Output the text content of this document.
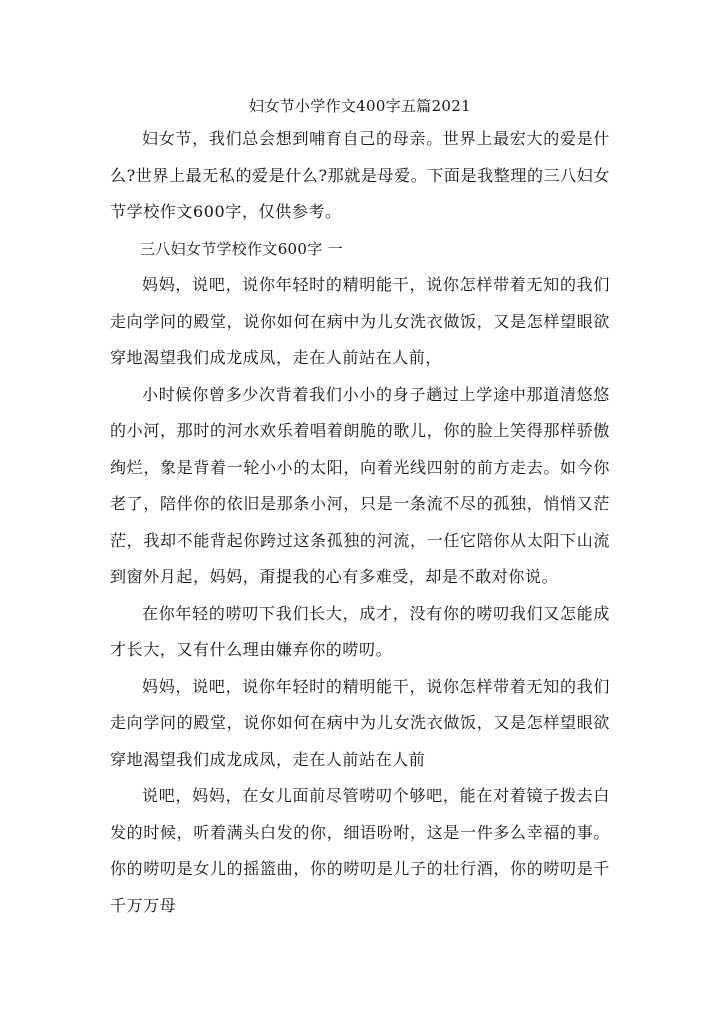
妇女节小学作文400字五篇2021

妇女节，我们总会想到哺育自己的母亲。世界上最宏大的爱是什么?世界上最无私的爱是什么?那就是母爱。下面是我整理的三八妇女节学校作文600字，仅供参考。

三八妇女节学校作文600字 一

妈妈，说吧，说你年轻时的精明能干，说你怎样带着无知的我们走向学问的殿堂，说你如何在病中为儿女洗衣做饭，又是怎样望眼欲穿地渴望我们成龙成凤，走在人前站在人前，

小时候你曾多少次背着我们小小的身子趟过上学途中那道清悠悠的小河，那时的河水欢乐着唱着朗脆的歌儿，你的脸上笑得那样骄傲绚烂，象是背着一轮小小的太阳，向着光线四射的前方走去。如今你老了，陪伴你的依旧是那条小河，只是一条流不尽的孤独，悄悄又茫茫，我却不能背起你跨过这条孤独的河流，一任它陪你从太阳下山流到窗外月起，妈妈，甭提我的心有多难受，却是不敢对你说。

在你年轻的唠叨下我们长大，成才，没有你的唠叨我们又怎能成才长大，又有什么理由嫌弃你的唠叨。

妈妈，说吧，说你年轻时的精明能干，说你怎样带着无知的我们走向学问的殿堂，说你如何在病中为儿女洗衣做饭，又是怎样望眼欲穿地渴望我们成龙成凤，走在人前站在人前

说吧，妈妈，在女儿面前尽管唠叨个够吧，能在对着镜子拨去白发的时候，听着满头白发的你，细语吩咐，这是一件多么幸福的事。你的唠叨是女儿的摇篮曲，你的唠叨是儿子的壮行酒，你的唠叨是千千万万母
